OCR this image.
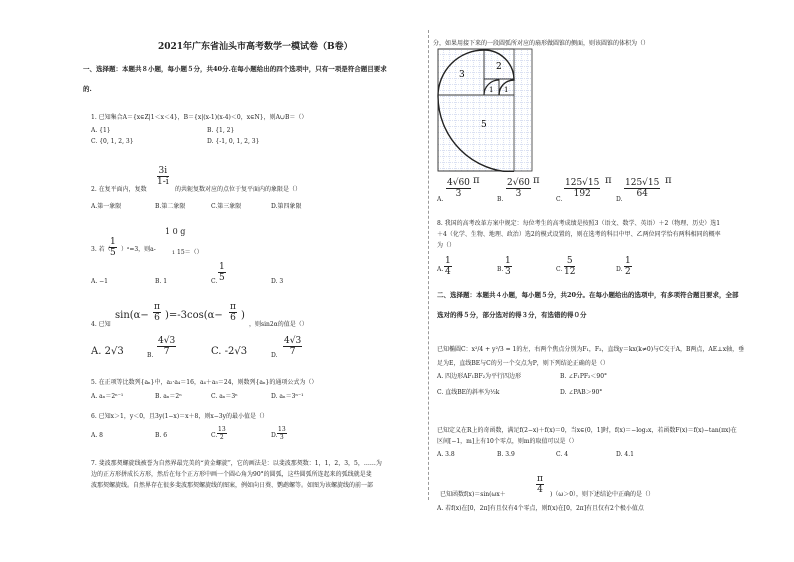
2021年广东省汕头市高考数学一模试卷（B卷）
一、选择题：本题共８小题，每小题５分，共40分.在每小题给出的四个选项中，只有一项是符合题目要求
的.
1. 已知集合A＝{x∈Z|1＜x＜4}，B＝{x|(x-1)(x-4)＜0，x∈N}，则A∪B＝（）
A. {1}	B. {1, 2}
C. {0, 1, 2, 3}	D. {-1, 0, 1, 2, 3}
$\frac{3i}{1-i}$
2. 在复平面内，复数	的共轭复数对应的点位于复平面内的象限是（）
A.第一象限	B.第二象限	C.第三象限	D.第四象限
1 0 g
3. 若（
$\frac{1}{5}$ ）ᵃ=3，则a-	1 15＝（）
A. −1	B. 1	C. $\frac{1}{5}$	D. 3
$\sin(\alpha- \frac{\pi}{6} )=-3\cos(\alpha- \frac{\pi}{6}$ )
4. 已知	，则sin2α的值是（）
A. 2√3	B. $\frac{4√3}{7}$	C. -2√3	D. $\frac{4√3}{7}$
5. 在正项等比数列{aₙ}中，a₂·a₄＝16，a₄＋a₅＝24，则数列{aₙ}的通项公式为（）
A. aₙ＝2ⁿ⁻¹	B. aₙ＝2ⁿ	C. aₙ＝3ⁿ	D. aₙ＝3ⁿ⁻¹
6. 已知x＞1，y＜0，且3y(1−x)＝x＋8，则x−3y的最小值是（）
A. 8	B. 6	C. $\frac{13}{2}$	D. $\frac{13}{3}$
7. 斐波那契螺旋线被誉为自然界最完美的“黄金螺旋”，它的画法是：以斐波那契数：1，1，2，3，5，……为
边的正方形拼成长方形，然后在每个正方形中画一个圆心角为90°的圆弧，这些圆弧所连起来的弧线就是斐
波那契螺旋线。自然界存在很多斐波那契螺旋线的图案，例如向日葵、鹦鹉螺等。如图为该螺旋线的前一部
分，如果用接下来的一段圆弧所对应的扇形做圆锥的侧面，则该圆锥的体积为（）
3
2
1 1
5
A.
$\frac{4√60}{3}$ π
B.
$\frac{2√60}{3}$ π
C.
$\frac{125√15}{192}$ π
D.
$\frac{125√15}{64}$ π
8. 我国的高考改革方案中规定：每位考生的高考成绩是按照3（语文、数学、英语）＋2（物理、历史）选1
＋4（化学、生物、地理、政治）选2的模式设置的，则在选考的科目中甲、乙两位同学恰有两科相同的概率
为（）
A. $\frac{1}{4}$	B. $\frac{1}{3}$	C. $\frac{5}{12}$	D. $\frac{1}{2}$
二、选择题：本题共４小题，每小题５分，共20分。在每小题给出的选项中，有多项符合题目要求，全部
选对的得５分，部分选对的得３分，有选错的得０分
已知椭圆C：x²/4 + y²/3 = 1的左，右两个焦点分别为F₁，F₂，直线y＝kx(k≠0)与C交于A，B两点，AE⊥x轴，垂
足为E，直线BE与C的另一个交点为P，则下列结论正确的是（）
A. 四边形AF₁BF₂为平行四边形	B. ∠F₁PF₂＜90°
C. 直线BE的斜率为½k	D. ∠PAB＞90°
已知定义在R上的奇函数，满足f(2−x)＋f(x)＝0，当x∈(0，1]时，f(x)＝−log₂x，若函数F(x)＝f(x)−tan(πx)在
区间[−1，m]上有10个零点，则m的取值可以是（）
A. 3.8	B. 3.9	C. 4	D. 4.1
$\frac{\pi}{4}$
已知函数f(x)＝sin(ωx＋	)（ω＞0），则下述结论中正确的是（）
A. 若f(x)在[0，2π]有且仅有4个零点，则f(x)在[0，2π]有且仅有2个极小值点
